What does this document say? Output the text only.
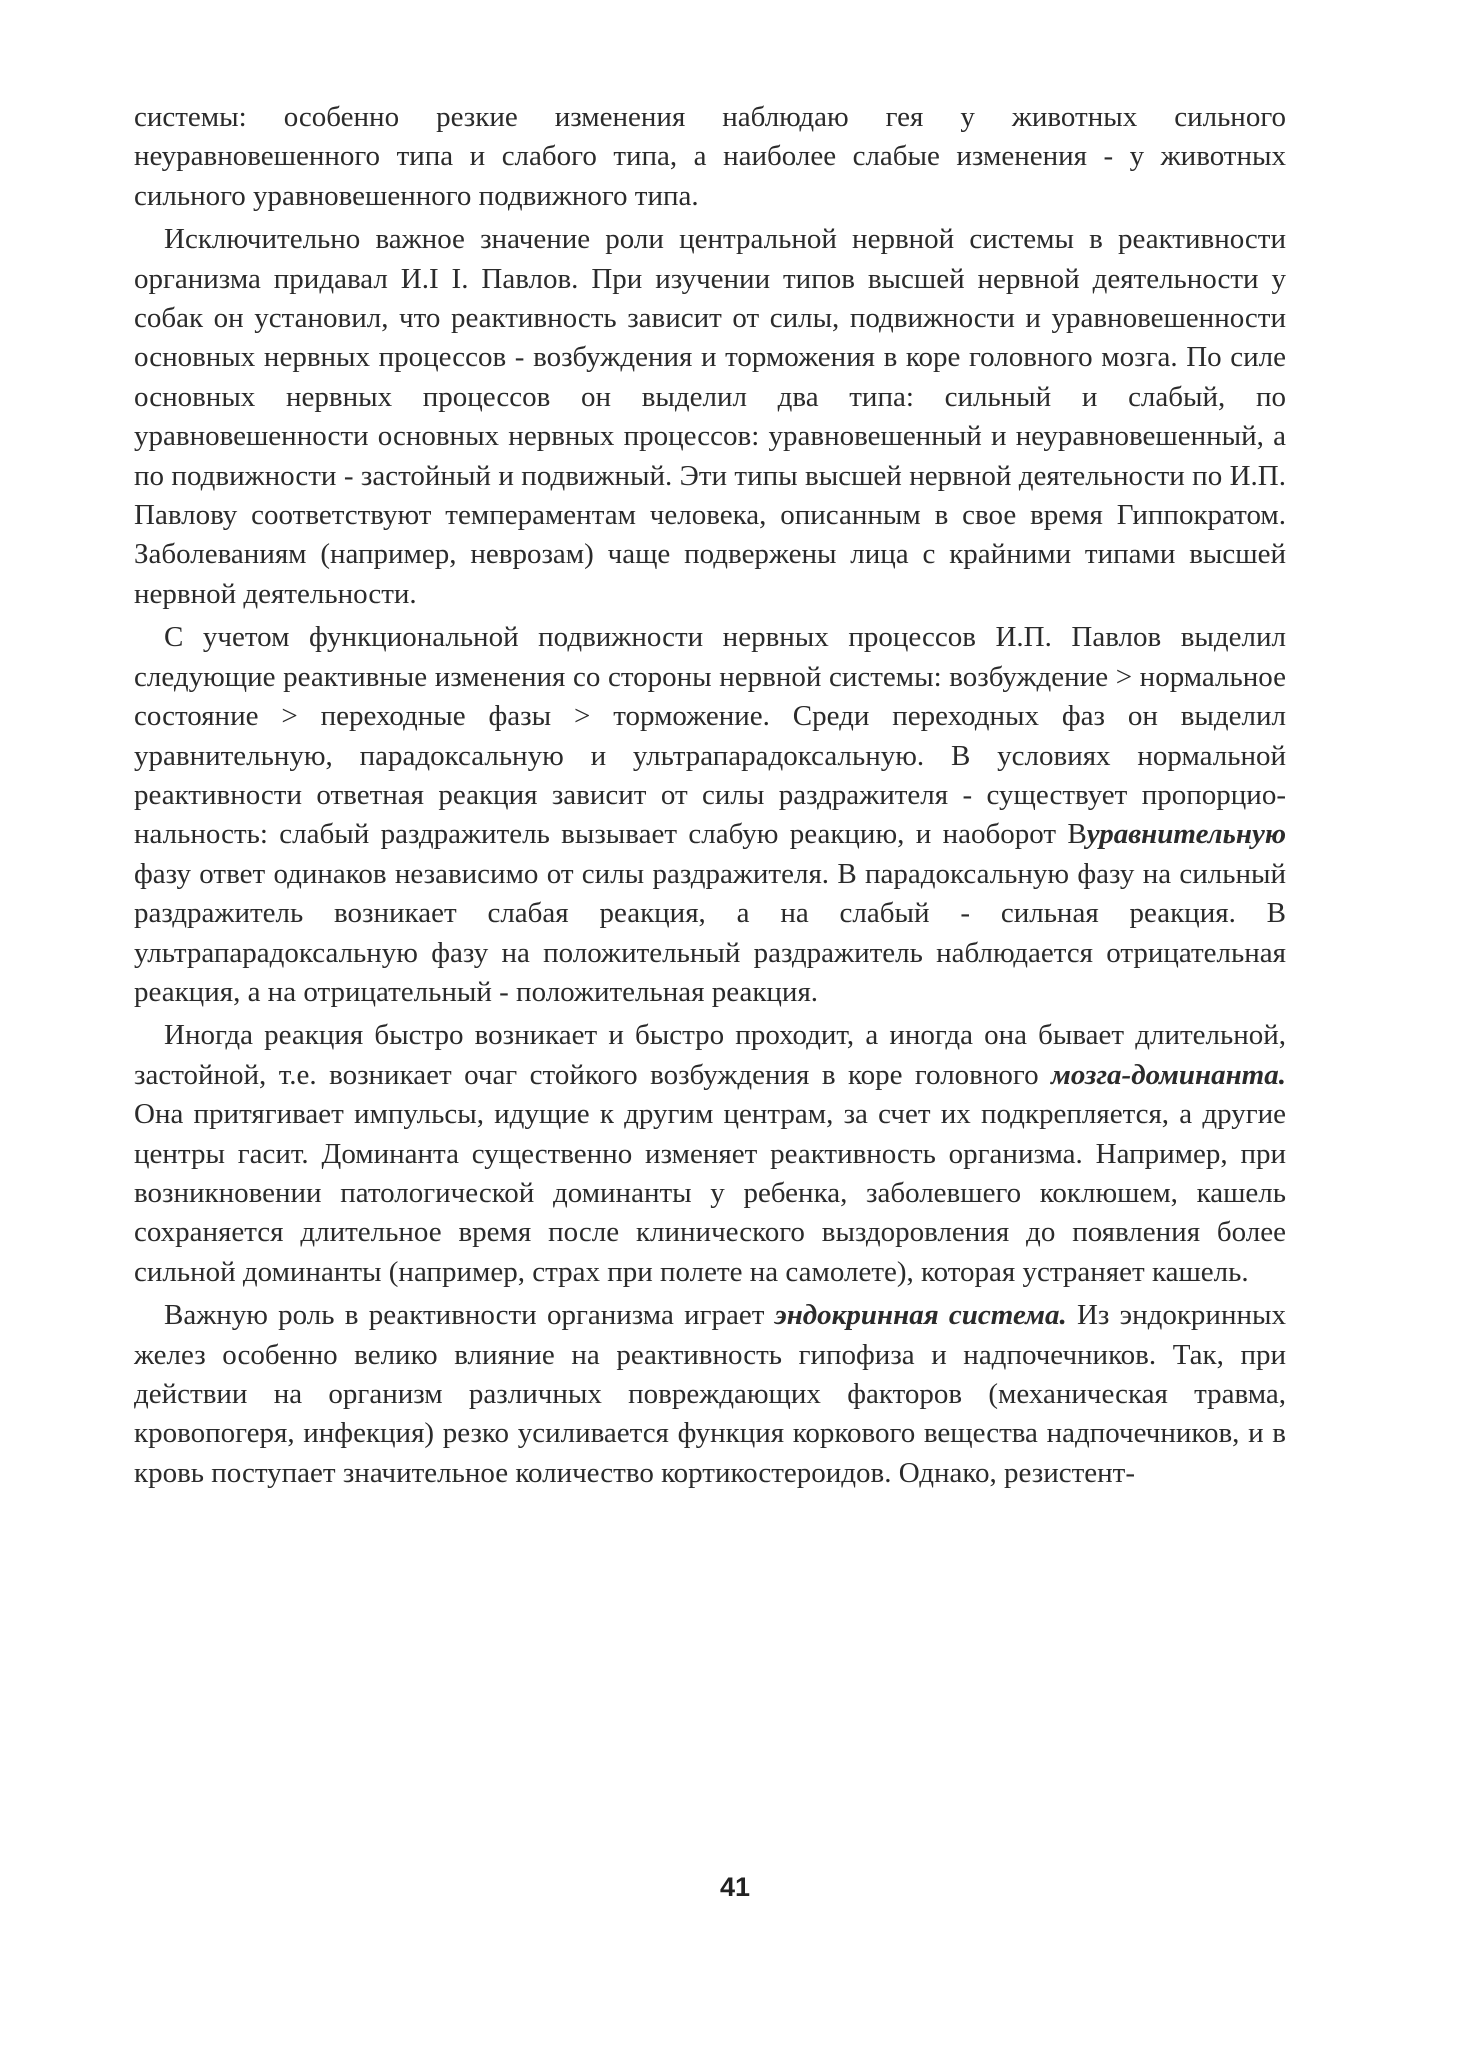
системы: особенно резкие изменения наблюдаю гея у животных сильного неуравновешенного типа и слабого типа, а наиболее слабые изменения - у животных сильного уравновешенного подвижного типа.

Исключительно важное значение роли центральной нервной системы в реактивности организма придавал И.I I. Павлов. При изучении типов высшей нервной деятельности у собак он установил, что реактивность зависит от силы, подвижности и уравновешенности основных нервных процессов - возбуждения и торможения в коре головного мозга. По силе основных нервных процессов он выделил два типа: сильный и слабый, по уравновешенности основных нервных процессов: уравновешенный и неуравновешенный, а по подвижности - застойный и подвижный. Эти типы высшей нервной деятельности по И.П. Павлову соответствуют темпераментам человека, описанным в свое время Гиппократом. Заболеваниям (например, неврозам) чаще подвержены лица с крайними типами высшей нервной деятельности.

С учетом функциональной подвижности нервных процессов И.П. Павлов выделил следующие реактивные изменения со стороны нервной системы: возбуждение > нормальное состояние > переходные фазы > торможение. Среди переходных фаз он выделил уравнительную, парадоксальную и ультрапарадоксальную. В условиях нормальной реактивности ответная реакция зависит от силы раздражителя - существует пропорциональность: слабый раздражитель вызывает слабую реакцию, и наоборот Вуравнительную фазу ответ одинаков независимо от силы раздражителя. В парадоксальную фазу на сильный раздражитель возникает слабая реакция, а на слабый - сильная реакция. В ультрапарадоксальную фазу на положительный раздражитель наблюдается отрицательная реакция, а на отрицательный - положительная реакция.

Иногда реакция быстро возникает и быстро проходит, а иногда она бывает длительной, застойной, т.е. возникает очаг стойкого возбуждения в коре головного мозга-доминанта. Она притягивает импульсы, идущие к другим центрам, за счет их подкрепляется, а другие центры гасит. Доминанта существенно изменяет реактивность организма. Например, при возникновении патологической доминанты у ребенка, заболевшего коклюшем, кашель сохраняется длительное время после клинического выздоровления до появления более сильной доминанты (например, страх при полете на самолете), которая устраняет кашель.

Важную роль в реактивности организма играет эндокринная система. Из эндокринных желез особенно велико влияние на реактивность гипофиза и надпочечников. Так, при действии на организм различных повреждающих факторов (механическая травма, кровопогеря, инфекция) резко усиливается функция коркового вещества надпочечников, и в кровь поступает значительное количество кортикостероидов. Однако, резистент-

41
